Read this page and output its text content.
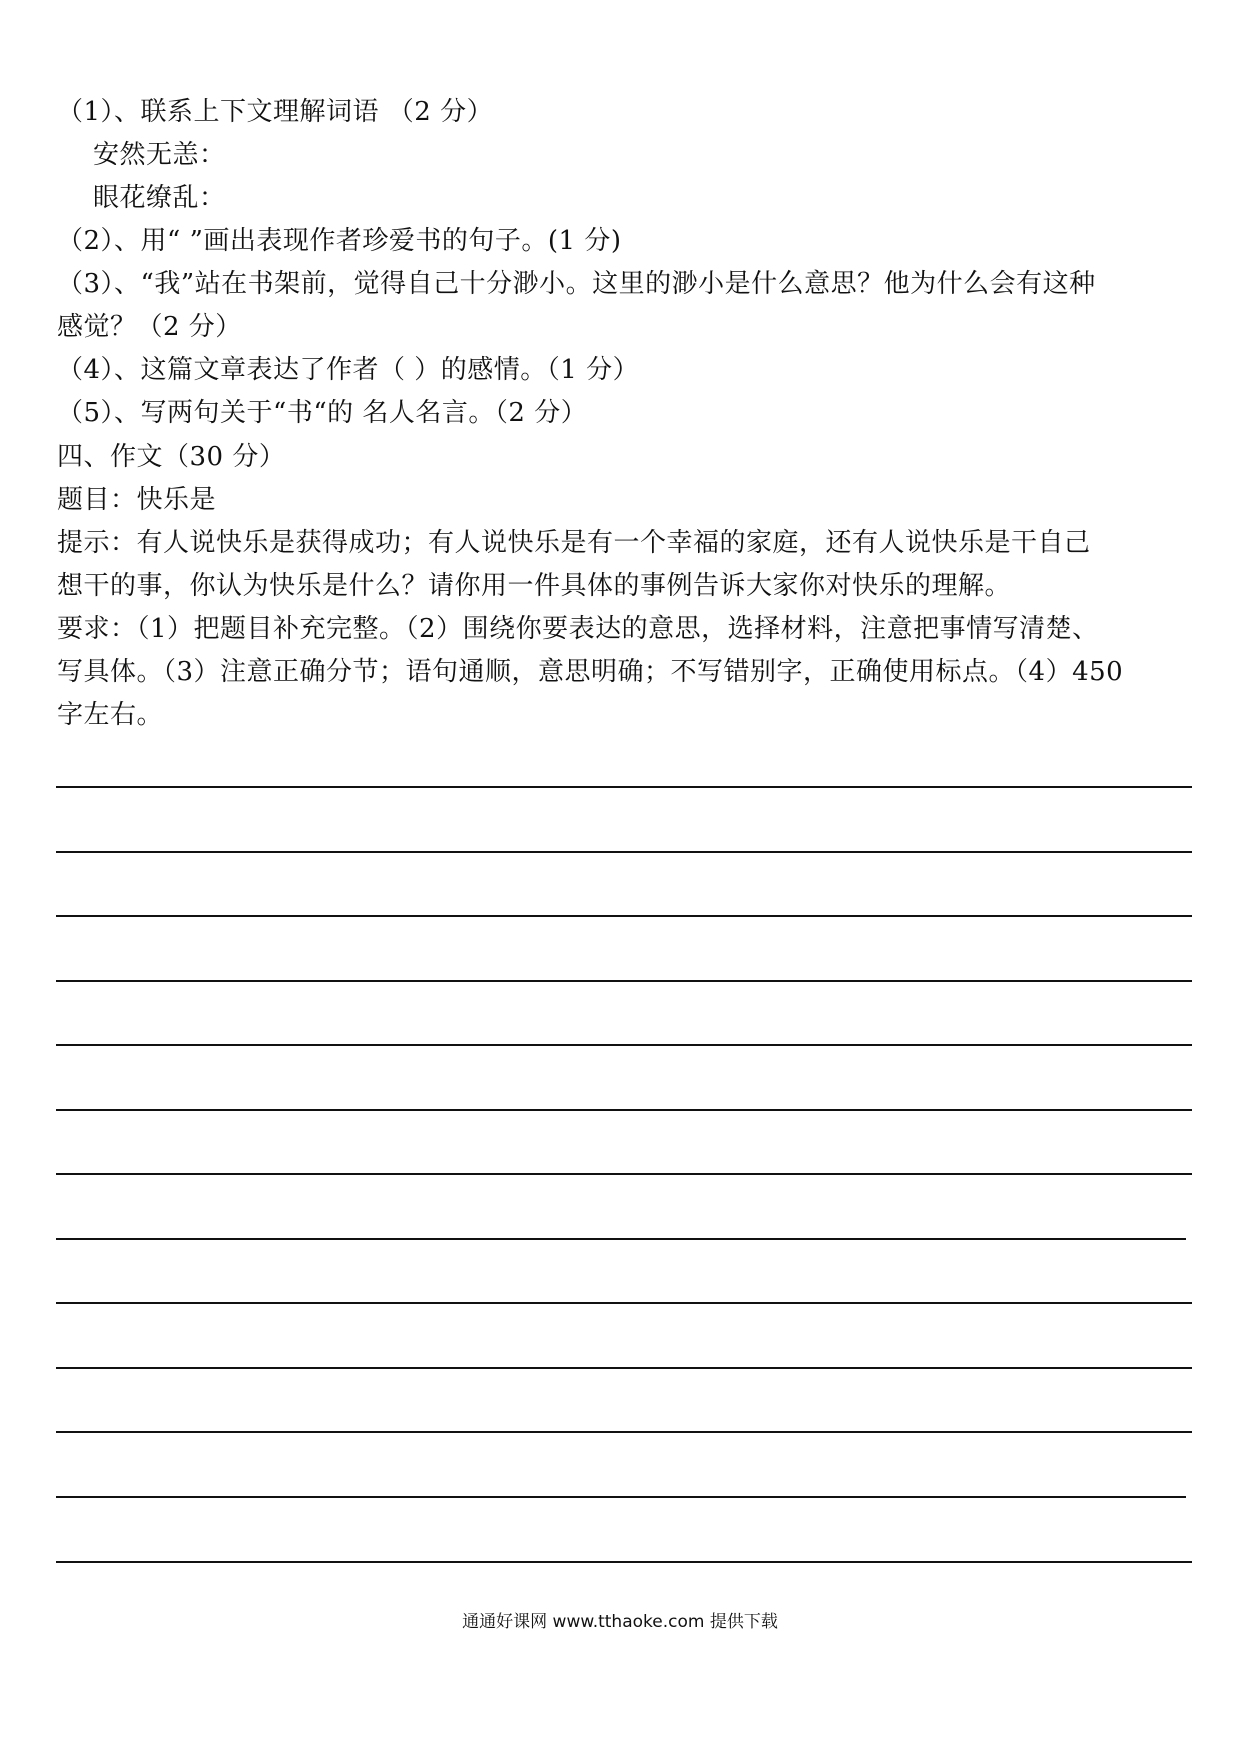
（1）、联系上下文理解词语 （2 分）
安然无恙：
眼花缭乱：
（2）、用“ ”画出表现作者珍爱书的句子。(1 分)
（3）、“我”站在书架前，觉得自己十分渺小。这里的渺小是什么意思？他为什么会有这种
感觉？（2 分）
（4）、这篇文章表达了作者（ ）的感情。（1 分）
（5）、写两句关于“书“的 名人名言。（2 分）
四、作文（30 分）
题目：快乐是
提示：有人说快乐是获得成功；有人说快乐是有一个幸福的家庭，还有人说快乐是干自己
想干的事，你认为快乐是什么？请你用一件具体的事例告诉大家你对快乐的理解。
要求：（1）把题目补充完整。（2）围绕你要表达的意思，选择材料，注意把事情写清楚、
写具体。（3）注意正确分节；语句通顺，意思明确；不写错别字，正确使用标点。（4）450
字左右。
通通好课网 www.tthaoke.com 提供下载
